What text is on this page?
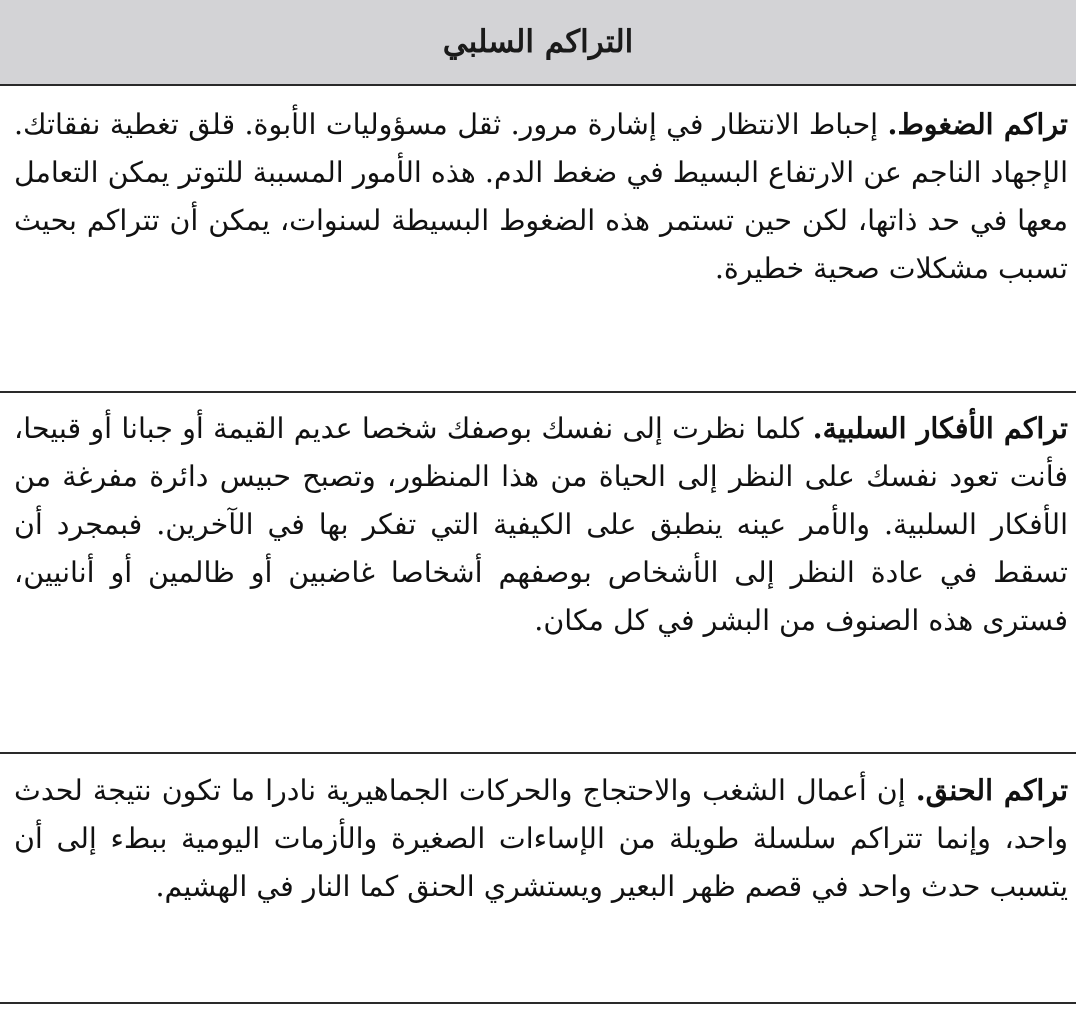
التراكم السلبي
تراكم الضغوط. إحباط الانتظار في إشارة مرور. ثقل مسؤوليات الأبوة. قلق تغطية نفقاتك. الإجهاد الناجم عن الارتفاع البسيط في ضغط الدم. هذه الأمور المسببة للتوتر يمكن التعامل معها في حد ذاتها، لكن حين تستمر هذه الضغوط البسيطة لسنوات، يمكن أن تتراكم بحيث تسبب مشكلات صحية خطيرة.
تراكم الأفكار السلبية. كلما نظرت إلى نفسك بوصفك شخصا عديم القيمة أو جبانا أو قبيحا، فأنت تعود نفسك على النظر إلى الحياة من هذا المنظور، وتصبح حبيس دائرة مفرغة من الأفكار السلبية. والأمر عينه ينطبق على الكيفية التي تفكر بها في الآخرين. فبمجرد أن تسقط في عادة النظر إلى الأشخاص بوصفهم أشخاصا غاضبين أو ظالمين أو أنانيين، فسترى هذه الصنوف من البشر في كل مكان.
تراكم الحنق. إن أعمال الشغب والاحتجاج والحركات الجماهيرية نادرا ما تكون نتيجة لحدث واحد، وإنما تتراكم سلسلة طويلة من الإساءات الصغيرة والأزمات اليومية ببطء إلى أن يتسبب حدث واحد في قصم ظهر البعير ويستشري الحنق كما النار في الهشيم.
